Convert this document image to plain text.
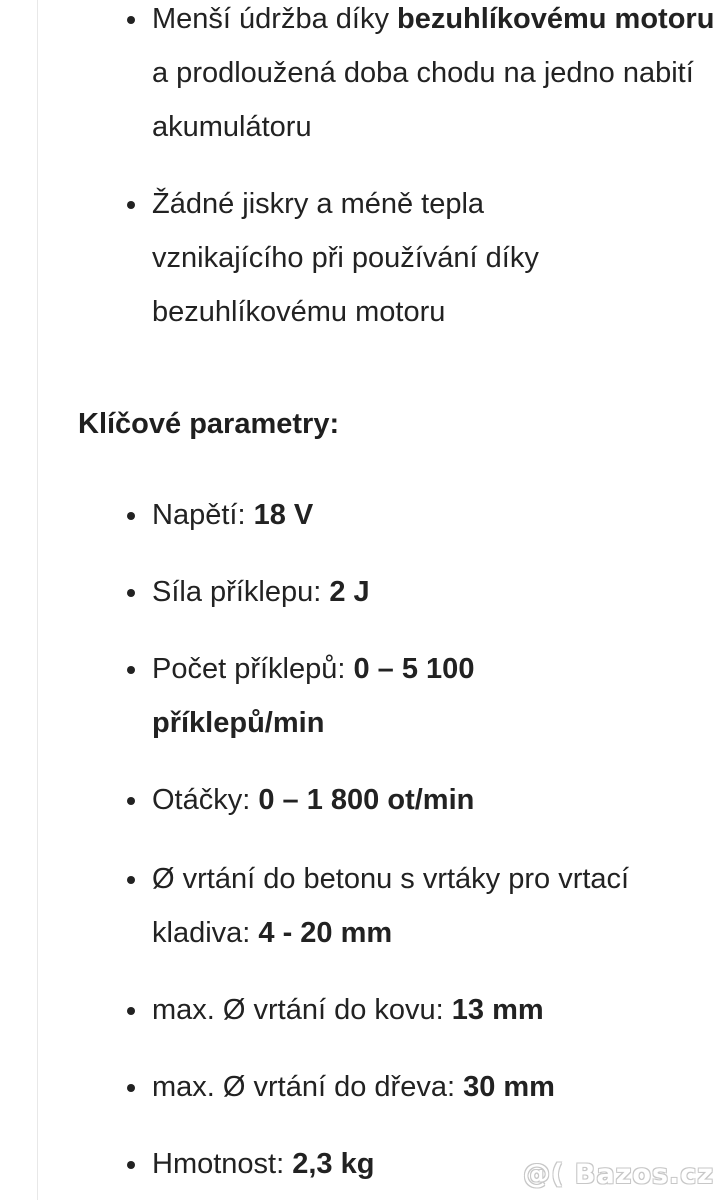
Menší údržba díky bezuhlíkovému motoru a prodloužená doba chodu na jedno nabití akumulátoru
Žádné jiskry a méně tepla vznikajícího při používání díky bezuhlíkovému motoru
Klíčové parametry:
Napětí: 18 V
Síla příklepu: 2 J
Počet příklepů: 0 – 5 100 příklepů/min
Otáčky: 0 – 1 800 ot/min
Ø vrtání do betonu s vrtáky pro vrtací kladiva: 4 - 20 mm
max. Ø vrtání do kovu: 13 mm
max. Ø vrtání do dřeva: 30 mm
Hmotnost: 2,3 kg	@( Bazos.cz
